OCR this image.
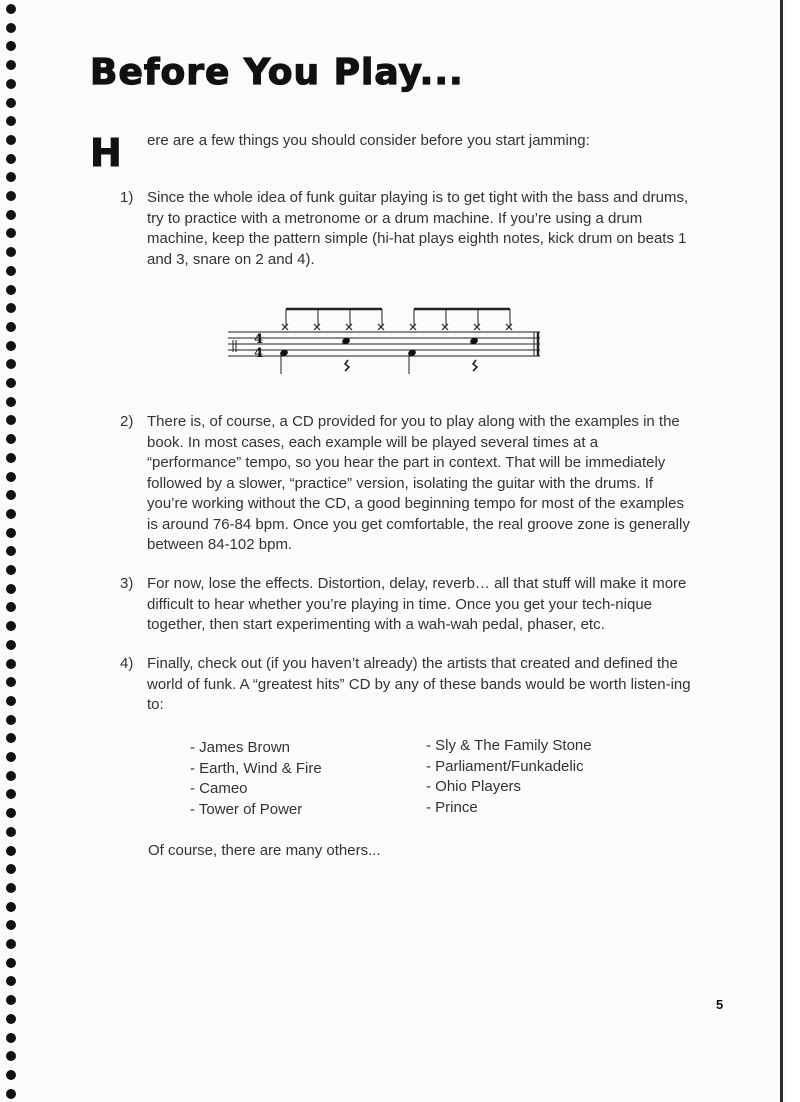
Before You Play...
H ere are a few things you should consider before you start jamming:
1) Since the whole idea of funk guitar playing is to get tight with the bass and drums, try to practice with a metronome or a drum machine. If you’re using a drum machine, keep the pattern simple (hi-hat plays eighth notes, kick drum on beats 1 and 3, snare on 2 and 4).
4
4
2) There is, of course, a CD provided for you to play along with the examples in the book. In most cases, each example will be played several times at a “performance” tempo, so you hear the part in context. That will be immediately followed by a slower, “practice” version, isolating the guitar with the drums. If you’re working without the CD, a good beginning tempo for most of the examples is around 76-84 bpm. Once you get comfortable, the real groove zone is generally between 84-102 bpm.
3) For now, lose the effects. Distortion, delay, reverb… all that stuff will make it more difficult to hear whether you’re playing in time. Once you get your tech-nique together, then start experimenting with a wah-wah pedal, phaser, etc.
4) Finally, check out (if you haven’t already) the artists that created and defined the world of funk. A “greatest hits” CD by any of these bands would be worth listen-ing to:
- James Brown
- Earth, Wind & Fire
- Cameo
- Tower of Power
- Sly & The Family Stone
- Parliament/Funkadelic
- Ohio Players
- Prince
Of course, there are many others...
5
